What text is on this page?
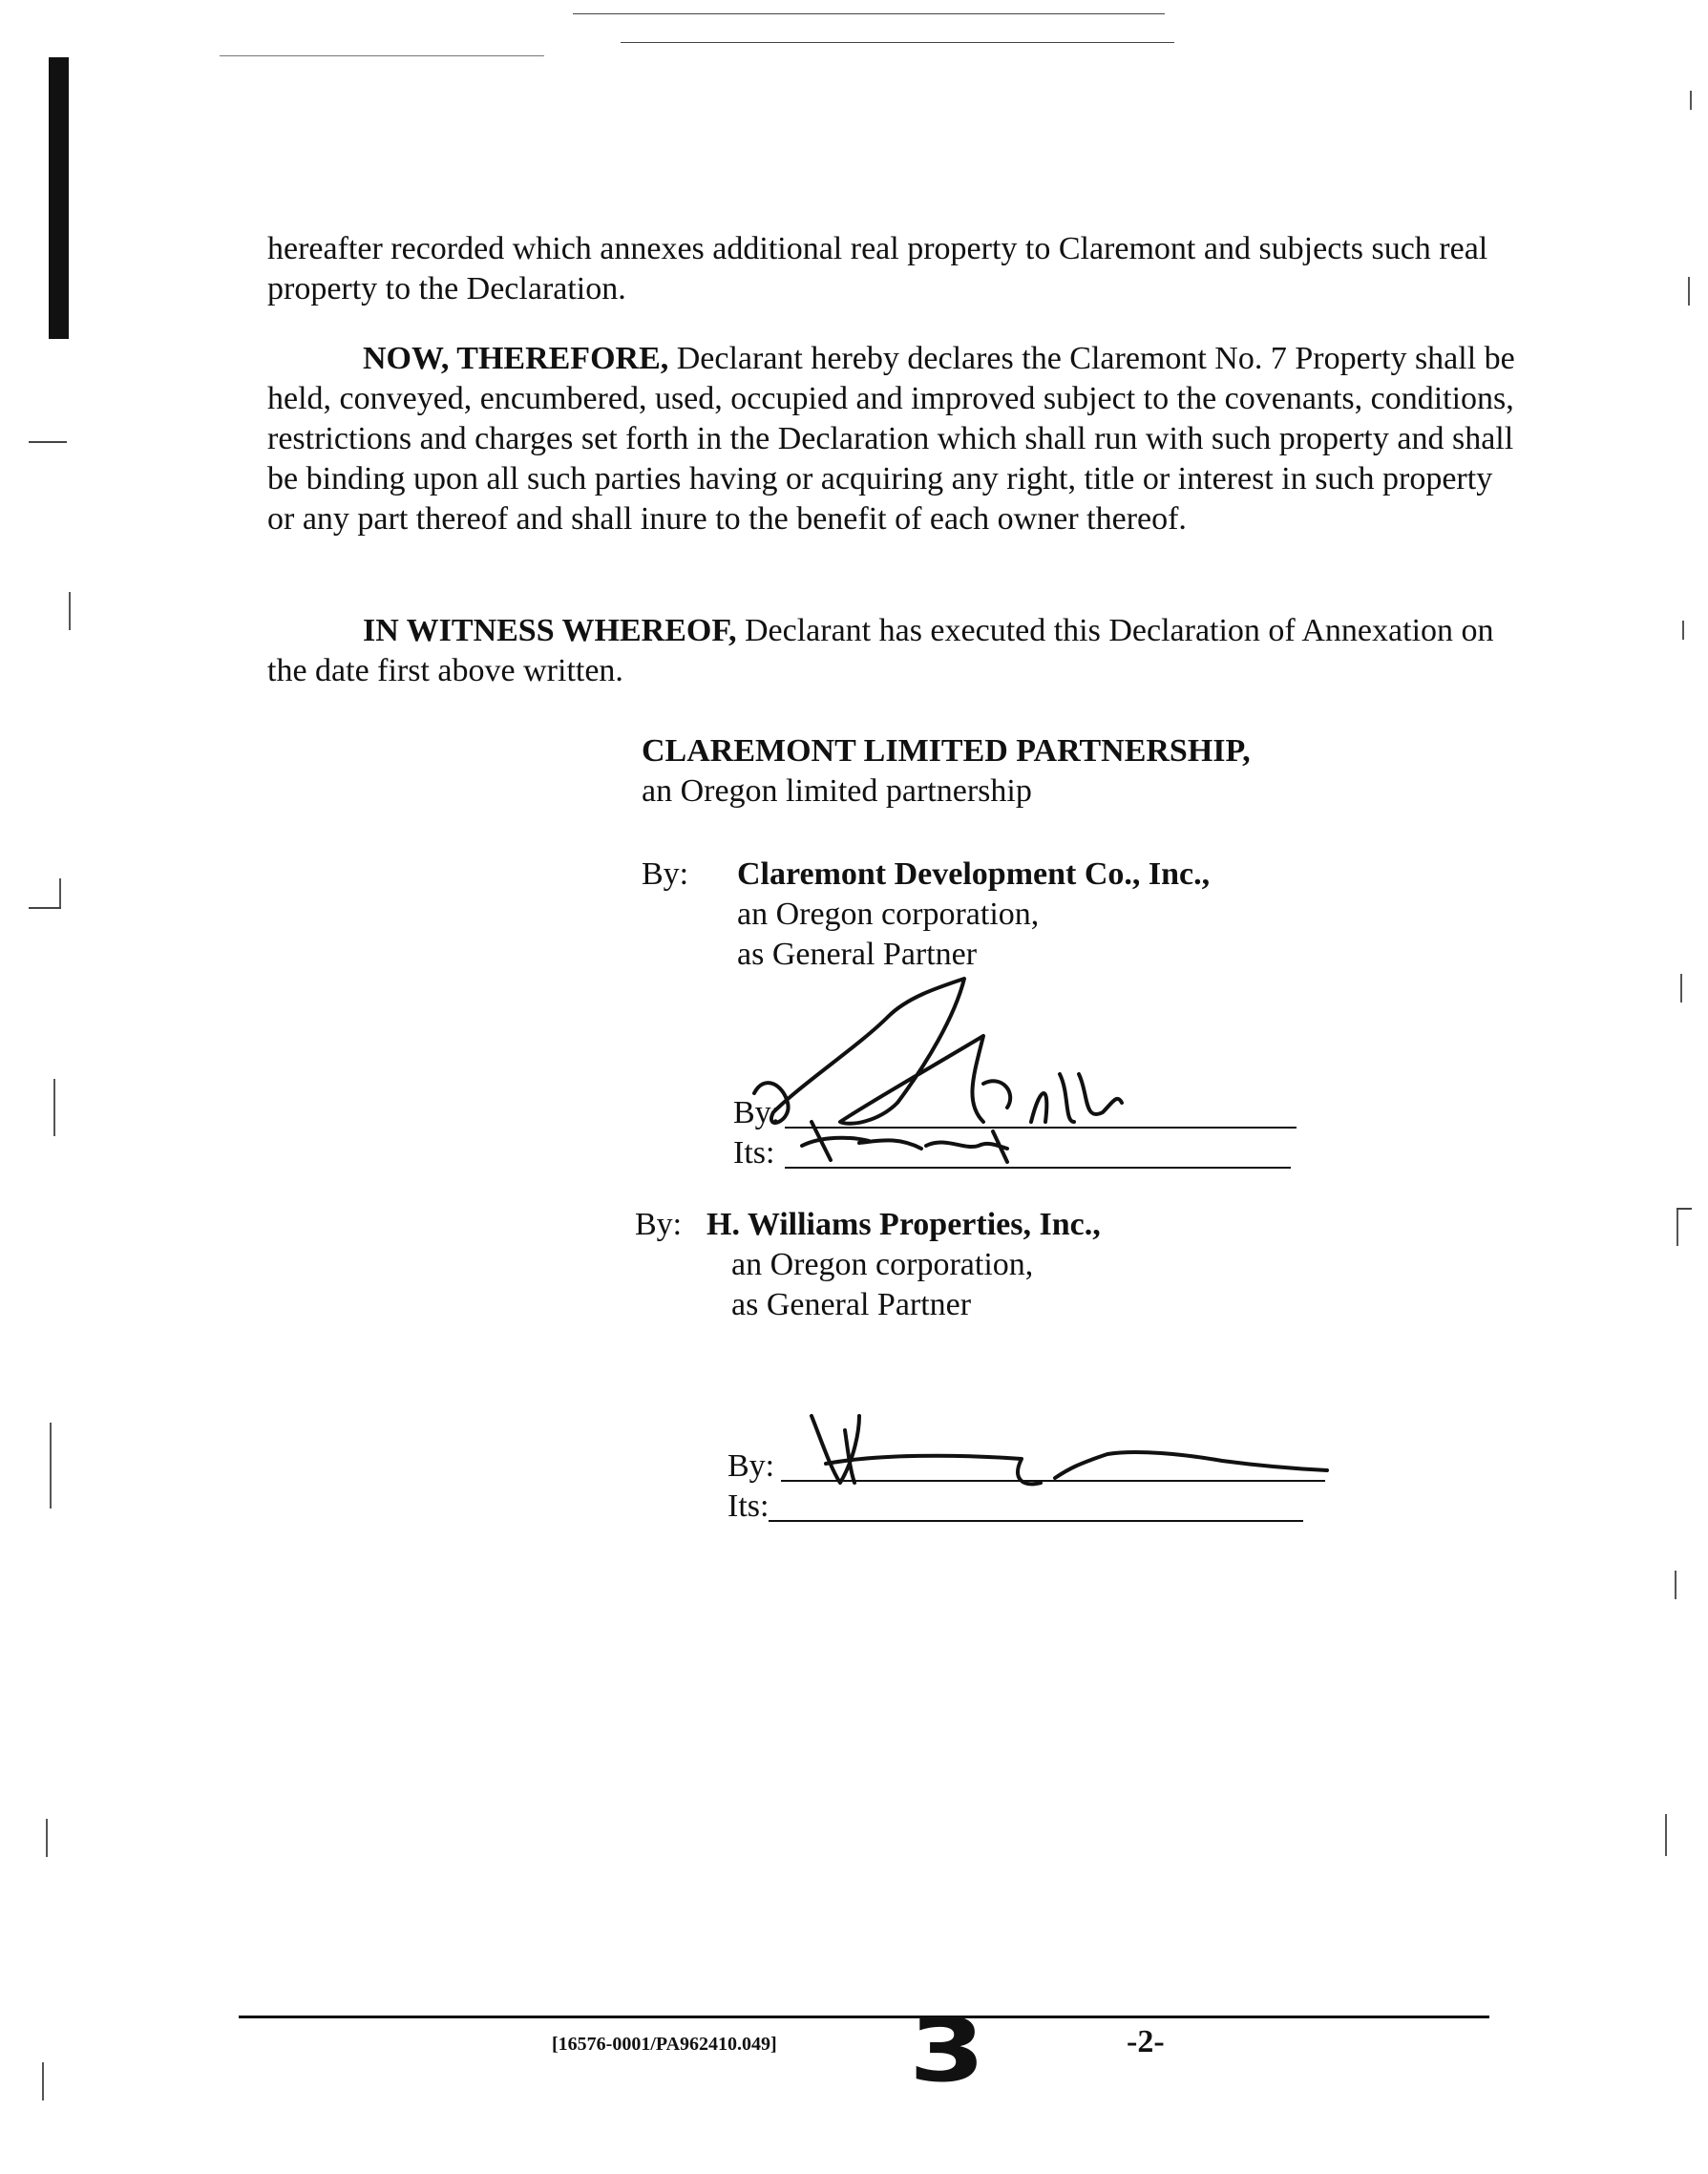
hereafter recorded which annexes additional real property to Claremont and subjects such real property to the Declaration.

NOW, THEREFORE, Declarant hereby declares the Claremont No. 7 Property shall be held, conveyed, encumbered, used, occupied and improved subject to the covenants, conditions, restrictions and charges set forth in the Declaration which shall run with such property and shall be binding upon all such parties having or acquiring any right, title or interest in such property or any part thereof and shall inure to the benefit of each owner thereof.

IN WITNESS WHEREOF, Declarant has executed this Declaration of Annexation on the date first above written.

CLAREMONT LIMITED PARTNERSHIP,
an Oregon limited partnership
By: Claremont Development Co., Inc.,
an Oregon corporation,
as General Partner
By:
Its:
By: H. Williams Properties, Inc.,
an Oregon corporation,
as General Partner
By:
Its:
[16576-0001/PA962410.049] 3	-2-
